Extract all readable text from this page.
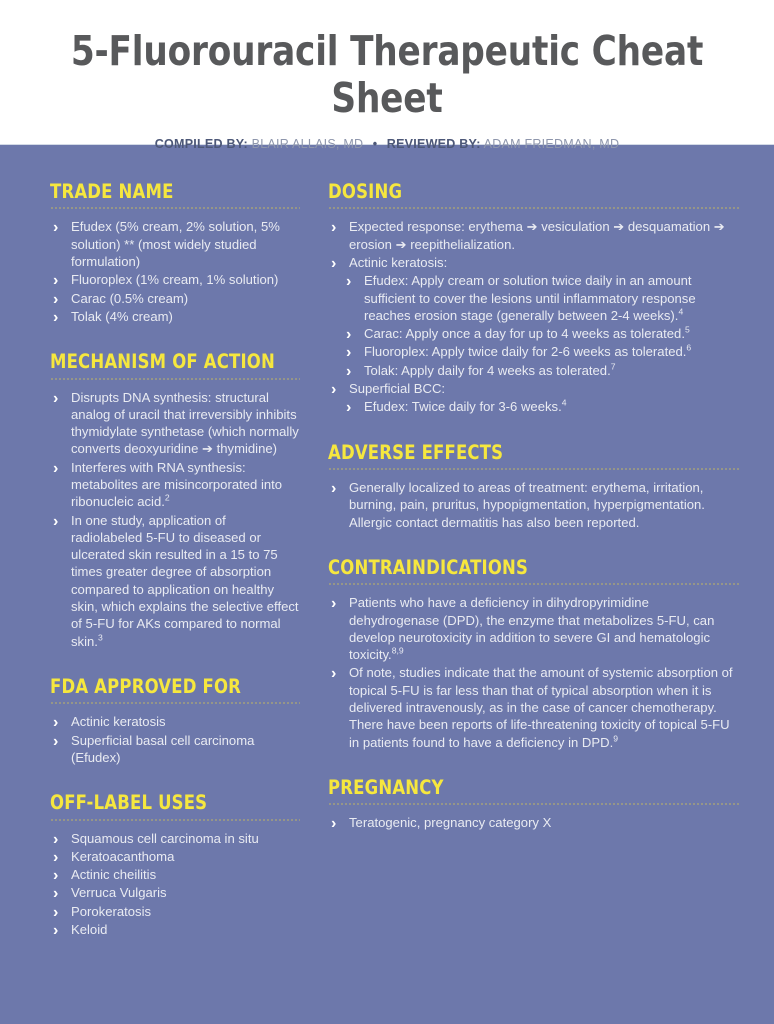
5-Fluorouracil Therapeutic Cheat Sheet
COMPILED BY: BLAIR ALLAIS, MD • REVIEWED BY: ADAM FRIEDMAN, MD
TRADE NAME
› Efudex (5% cream, 2% solution, 5% solution) ** (most widely studied formulation)
› Fluoroplex (1% cream, 1% solution)
› Carac (0.5% cream)
› Tolak (4% cream)
MECHANISM OF ACTION
› Disrupts DNA synthesis: structural analog of uracil that irreversibly inhibits thymidylate synthetase (which normally converts deoxyuridine ➔ thymidine)
› Interferes with RNA synthesis: metabolites are misincorporated into ribonucleic acid.$^2$
› In one study, application of radiolabeled 5-FU to diseased or ulcerated skin resulted in a 15 to 75 times greater degree of absorption compared to application on healthy skin, which explains the selective effect of 5-FU for AKs compared to normal skin.$^3$
FDA APPROVED FOR
› Actinic keratosis
› Superficial basal cell carcinoma (Efudex)
OFF-LABEL USES
› Squamous cell carcinoma in situ
› Keratoacanthoma
› Actinic cheilitis
› Verruca Vulgaris
› Porokeratosis
› Keloid
DOSING
› Expected response: erythema ➔ vesiculation ➔ desquamation ➔ erosion ➔ reepithelialization.
› Actinic keratosis:
› Efudex: Apply cream or solution twice daily in an amount sufficient to cover the lesions until inflammatory response reaches erosion stage (generally between 2-4 weeks).$^4$
› Carac: Apply once a day for up to 4 weeks as tolerated.$^5$
› Fluoroplex: Apply twice daily for 2-6 weeks as tolerated.$^6$
› Tolak: Apply daily for 4 weeks as tolerated.$^7$
› Superficial BCC:
› Efudex: Twice daily for 3-6 weeks.$^4$
ADVERSE EFFECTS
› Generally localized to areas of treatment: erythema, irritation, burning, pain, pruritus, hypopigmentation, hyperpigmentation. Allergic contact dermatitis has also been reported.
CONTRAINDICATIONS
› Patients who have a deficiency in dihydropyrimidine dehydrogenase (DPD), the enzyme that metabolizes 5-FU, can develop neurotoxicity in addition to severe GI and hematologic toxicity.$^{8,9}$
› Of note, studies indicate that the amount of systemic absorption of topical 5-FU is far less than that of typical absorption when it is delivered intravenously, as in the case of cancer chemotherapy. There have been reports of life-threatening toxicity of topical 5-FU in patients found to have a deficiency in DPD.$^9$
PREGNANCY
› Teratogenic, pregnancy category X
